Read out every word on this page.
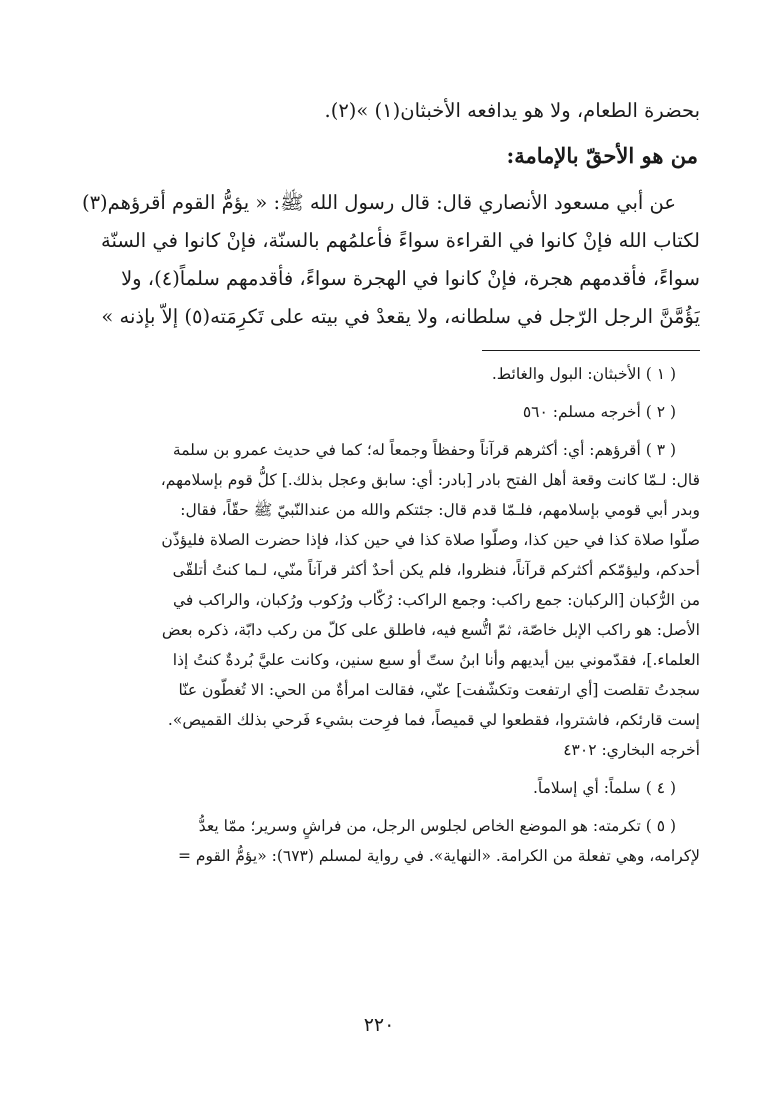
بحضرة الطعام، ولا هو يدافعه الأخبثان(١) »(٢).
من هو الأحقّ بالإمامة:
عن أبي مسعود الأنصاري قال: قال رسول الله ﷺ: « يؤمُّ القوم أقرؤهم(٣)
لكتاب الله فإنْ كانوا في القراءة سواءً فأعلمُهم بالسنّة، فإنْ كانوا في السنّة
سواءً، فأقدمهم هجرة، فإنْ كانوا في الهجرة سواءً، فأقدمهم سلماً(٤)، ولا
يَؤُمَّنَّ الرجل الرّجل في سلطانه، ولا يقعدْ في بيته على تَكرِمَته(٥) إلاّ بإذنه »
( ١ ) الأخبثان: البول والغائط.
( ٢ ) أخرجه مسلم: ٥٦٠
( ٣ ) أقرؤهم: أي: أكثرهم قرآناً وحفظاً وجمعاً له؛ كما في حديث عمرو بن سلمة
قال: لـمّا كانت وقعة أهل الفتح بادر [بادر: أي: سابق وعجل بذلك.] كلُّ قوم بإسلامهم،
وبدر أبي قومي بإسلامهم، فلـمّا قدم قال: جئتكم والله من عندالنّبيّ ﷺ حقّاً، فقال:
صلّوا صلاة كذا في حين كذا، وصلّوا صلاة كذا في حين كذا، فإذا حضرت الصلاة فليؤذّن
أحدكم، وليؤمّكم أكثركم قرآناً، فنظروا، فلم يكن أحدٌ أكثر قرآناً منّي، لـما كنتُ أتلقّى
من الرُّكبان [الركبان: جمع راكب: وجمع الراكب: رُكّاب ورُكوب ورُكبان، والراكب في
الأصل: هو راكب الإبل خاصّة، ثمّ اتُّسع فيه، فاطلق على كلّ من ركب دابّة، ذكره بعض
العلماء.]، فقدّموني بين أيديهم وأنا ابنُ ستّ أو سبع سنين، وكانت عليَّ بُردةٌ كنتُ إذا
سجدتُ تقلصت [أي ارتفعت وتكشّفت] عنّي، فقالت امرأةٌ من الحي: الا تُغطّون عنّا
إست قارئكم، فاشتروا، فقطعوا لي قميصاً، فما فرِحت بشيء فَرحي بذلك القميص».
أخرجه البخاري: ٤٣٠٢
( ٤ ) سلماً: أي إسلاماً.
( ٥ ) تكرمته: هو الموضع الخاص لجلوس الرجل، من فراشٍ وسرير؛ ممّا يعدُّ
لإكرامه، وهي تفعلة من الكرامة. «النهاية». في رواية لمسلم (٦٧٣): «يؤمُّ القوم =
٢٢٠
